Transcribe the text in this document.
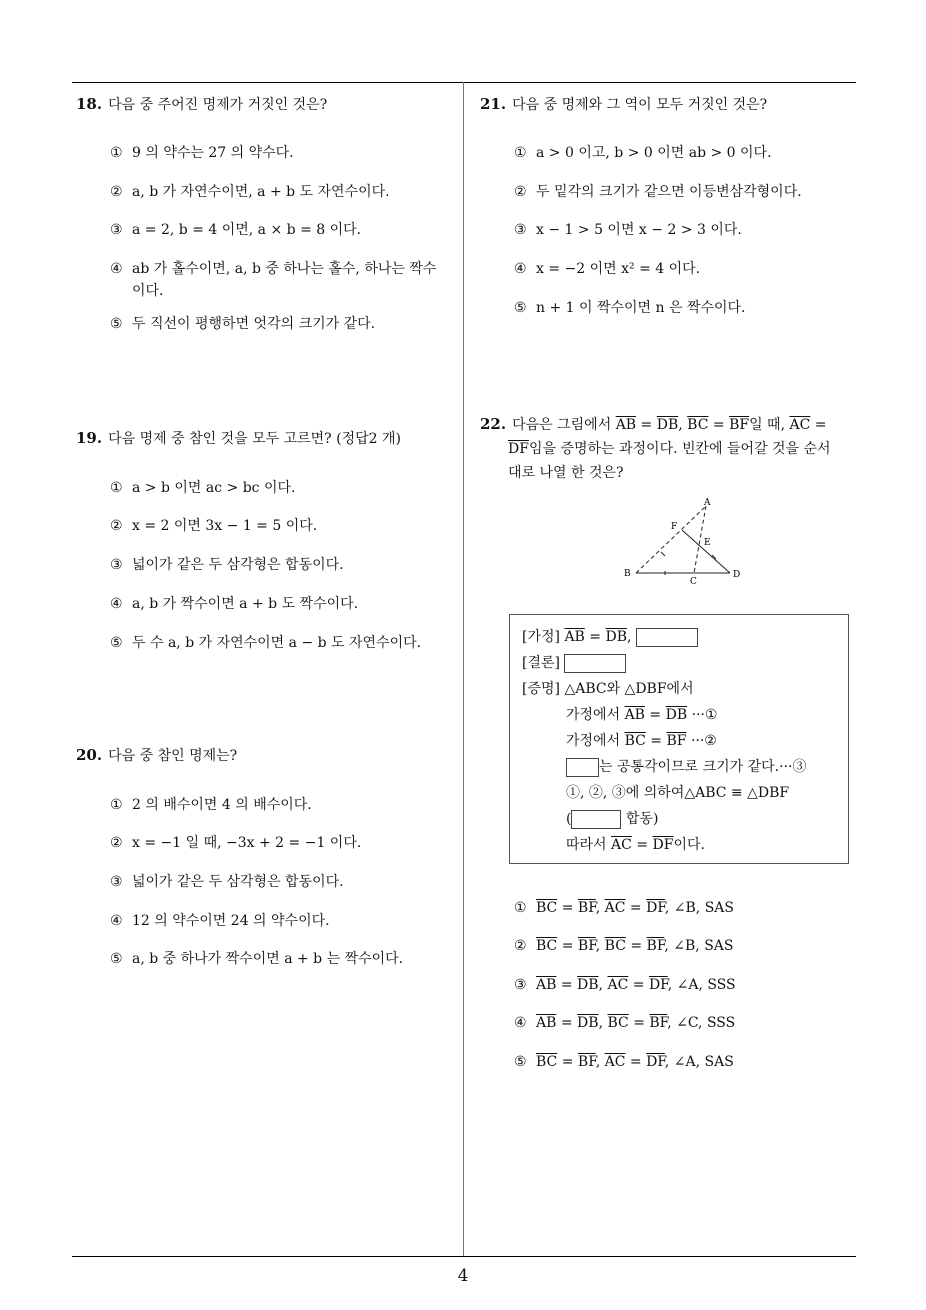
4
18. 다음 중 주어진 명제가 거짓인 것은?
① 9 의 약수는 27 의 약수다.
② a, b 가 자연수이면, a + b 도 자연수이다.
③ a = 2, b = 4 이면, a × b = 8 이다.
④ ab 가 홀수이면, a, b 중 하나는 홀수, 하나는 짝수이다.
⑤ 두 직선이 평행하면 엇각의 크기가 같다.
19. 다음 명제 중 참인 것을 모두 고르면? (정답2 개)
① a > b 이면 ac > bc 이다.
② x = 2 이면 3x − 1 = 5 이다.
③ 넓이가 같은 두 삼각형은 합동이다.
④ a, b 가 짝수이면 a + b 도 짝수이다.
⑤ 두 수 a, b 가 자연수이면 a − b 도 자연수이다.
20. 다음 중 참인 명제는?
① 2 의 배수이면 4 의 배수이다.
② x = −1 일 때, −3x + 2 = −1 이다.
③ 넓이가 같은 두 삼각형은 합동이다.
④ 12 의 약수이면 24 의 약수이다.
⑤ a, b 중 하나가 짝수이면 a + b 는 짝수이다.
21. 다음 중 명제와 그 역이 모두 거짓인 것은?
① a > 0 이고, b > 0 이면 ab > 0 이다.
② 두 밑각의 크기가 같으면 이등변삼각형이다.
③ x − 1 > 5 이면 x − 2 > 3 이다.
④ x = −2 이면 x² = 4 이다.
⑤ n + 1 이 짝수이면 n 은 짝수이다.
22. 다음은 그림에서 $\overline{AB} = \overline{DB}$, $\overline{BC} = \overline{BF}$일 때, $\overline{AC}$ =
$\overline{DF}$임을 증명하는 과정이다. 빈칸에 들어갈 것을 순서
대로 나열 한 것은?
A
B
C
D
E
F
[가정] $\overline{AB} = \overline{DB}$,
[결론]
[증명] △ABC와 △DBF에서
가정에서 $\overline{AB} = \overline{DB}$ ···①
가정에서 $\overline{BC} = \overline{BF}$ ···②
는 공통각이므로 크기가 같다.···③
①, ②, ③에 의하여△ABC ≡ △DBF
(	합동)
따라서 $\overline{AC} = \overline{DF}$이다.
① $\overline{BC} = \overline{BF}$, $\overline{AC} = \overline{DF}$, ∠B, SAS
② $\overline{BC} = \overline{BF}$, $\overline{BC} = \overline{BF}$, ∠B, SAS
③ $\overline{AB} = \overline{DB}$, $\overline{AC} = \overline{DF}$, ∠A, SSS
④ $\overline{AB} = \overline{DB}$, $\overline{BC} = \overline{BF}$, ∠C, SSS
⑤ $\overline{BC} = \overline{BF}$, $\overline{AC} = \overline{DF}$, ∠A, SAS
